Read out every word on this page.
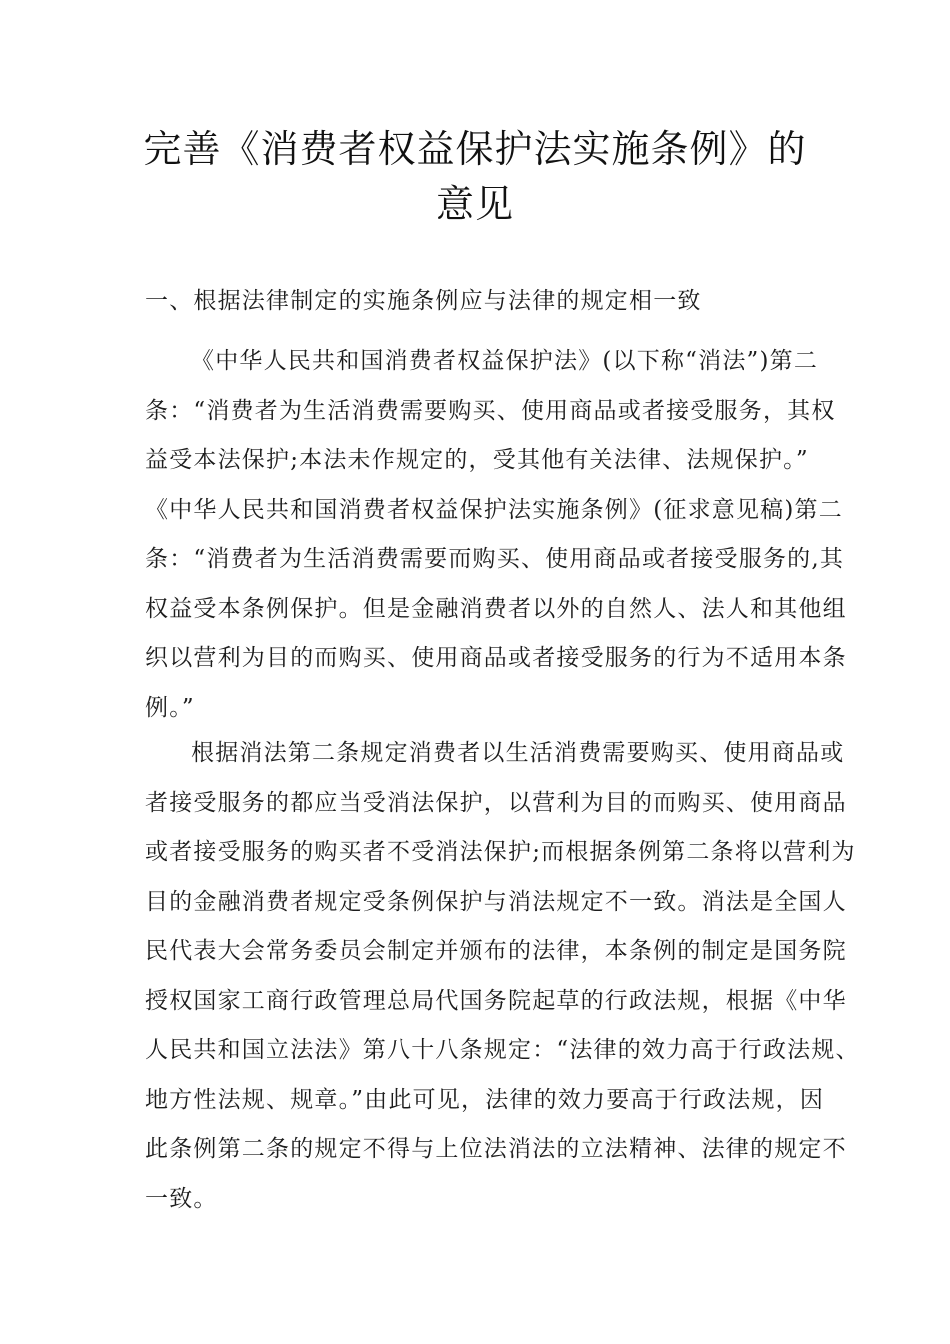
完善《消费者权益保护法实施条例》的
意见
一、根据法律制定的实施条例应与法律的规定相一致

《中华人民共和国消费者权益保护法》(以下称“消法”)第二
条：“消费者为生活消费需要购买、使用商品或者接受服务，其权
益受本法保护;本法未作规定的，受其他有关法律、法规保护。”
《中华人民共和国消费者权益保护法实施条例》(征求意见稿)第二
条：“消费者为生活消费需要而购买、使用商品或者接受服务的,其
权益受本条例保护。但是金融消费者以外的自然人、法人和其他组
织以营利为目的而购买、使用商品或者接受服务的行为不适用本条
例。”

根据消法第二条规定消费者以生活消费需要购买、使用商品或
者接受服务的都应当受消法保护，以营利为目的而购买、使用商品
或者接受服务的购买者不受消法保护;而根据条例第二条将以营利为
目的金融消费者规定受条例保护与消法规定不一致。消法是全国人
民代表大会常务委员会制定并颁布的法律，本条例的制定是国务院
授权国家工商行政管理总局代国务院起草的行政法规，根据《中华
人民共和国立法法》第八十八条规定：“法律的效力高于行政法规、
地方性法规、规章。”由此可见，法律的效力要高于行政法规，因
此条例第二条的规定不得与上位法消法的立法精神、法律的规定不
一致。
